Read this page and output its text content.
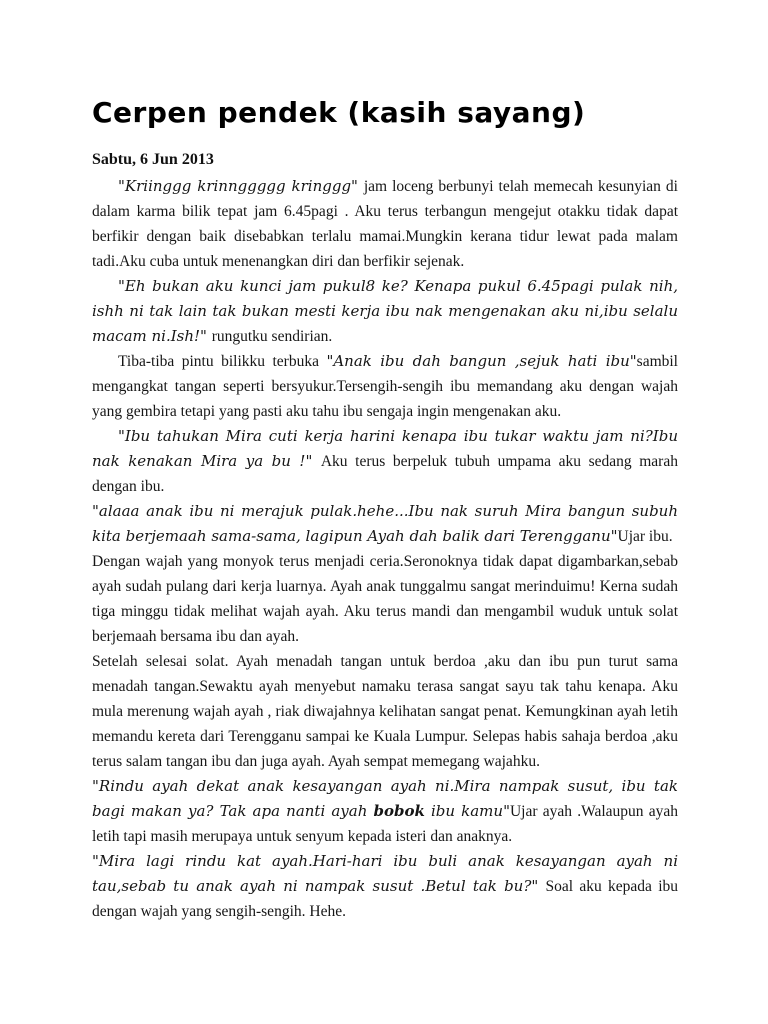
Cerpen pendek (kasih sayang)

Sabtu, 6 Jun 2013

"Kriinggg krinnggggg kringgg" jam loceng berbunyi telah memecah kesunyian di dalam karma bilik tepat jam 6.45pagi . Aku terus terbangun mengejut otakku tidak dapat berfikir dengan baik disebabkan terlalu mamai.Mungkin kerana tidur lewat pada malam tadi.Aku cuba untuk menenangkan diri dan berfikir sejenak.

"Eh bukan aku kunci jam pukul8 ke? Kenapa pukul 6.45pagi pulak nih, ishh ni tak lain tak bukan mesti kerja ibu nak mengenakan aku ni,ibu selalu macam ni.Ish!" rungutku sendirian.

Tiba-tiba pintu bilikku terbuka "Anak ibu dah bangun ,sejuk hati ibu"sambil mengangkat tangan seperti bersyukur.Tersengih-sengih ibu memandang aku dengan wajah yang gembira tetapi yang pasti aku tahu ibu sengaja ingin mengenakan aku.

"Ibu tahukan Mira cuti kerja harini kenapa ibu tukar waktu jam ni?Ibu nak kenakan Mira ya bu !" Aku terus berpeluk tubuh umpama aku sedang marah dengan ibu.

"alaaa anak ibu ni merajuk pulak.hehe...Ibu nak suruh Mira bangun subuh kita berjemaah sama-sama, lagipun Ayah dah balik dari Terengganu"Ujar ibu.

Dengan wajah yang monyok terus menjadi ceria.Seronoknya tidak dapat digambarkan,sebab ayah sudah pulang dari kerja luarnya. Ayah anak tunggalmu sangat merinduimu! Kerna sudah tiga minggu tidak melihat wajah ayah. Aku terus mandi dan mengambil wuduk untuk solat berjemaah bersama ibu dan ayah.

Setelah selesai solat. Ayah menadah tangan untuk berdoa ,aku dan ibu pun turut sama menadah tangan.Sewaktu ayah menyebut namaku terasa sangat sayu tak tahu kenapa. Aku mula merenung wajah ayah , riak diwajahnya kelihatan sangat penat. Kemungkinan ayah letih memandu kereta dari Terengganu sampai ke Kuala Lumpur. Selepas habis sahaja berdoa ,aku terus salam tangan ibu dan juga ayah. Ayah sempat memegang wajahku.

"Rindu ayah dekat anak kesayangan ayah ni.Mira nampak susut, ibu tak bagi makan ya? Tak apa nanti ayah bobok ibu kamu"Ujar ayah .Walaupun ayah letih tapi masih merupaya untuk senyum kepada isteri dan anaknya.

"Mira lagi rindu kat ayah.Hari-hari ibu buli anak kesayangan ayah ni tau,sebab tu anak ayah ni nampak susut .Betul tak bu?" Soal aku kepada ibu dengan wajah yang sengih-sengih. Hehe.
